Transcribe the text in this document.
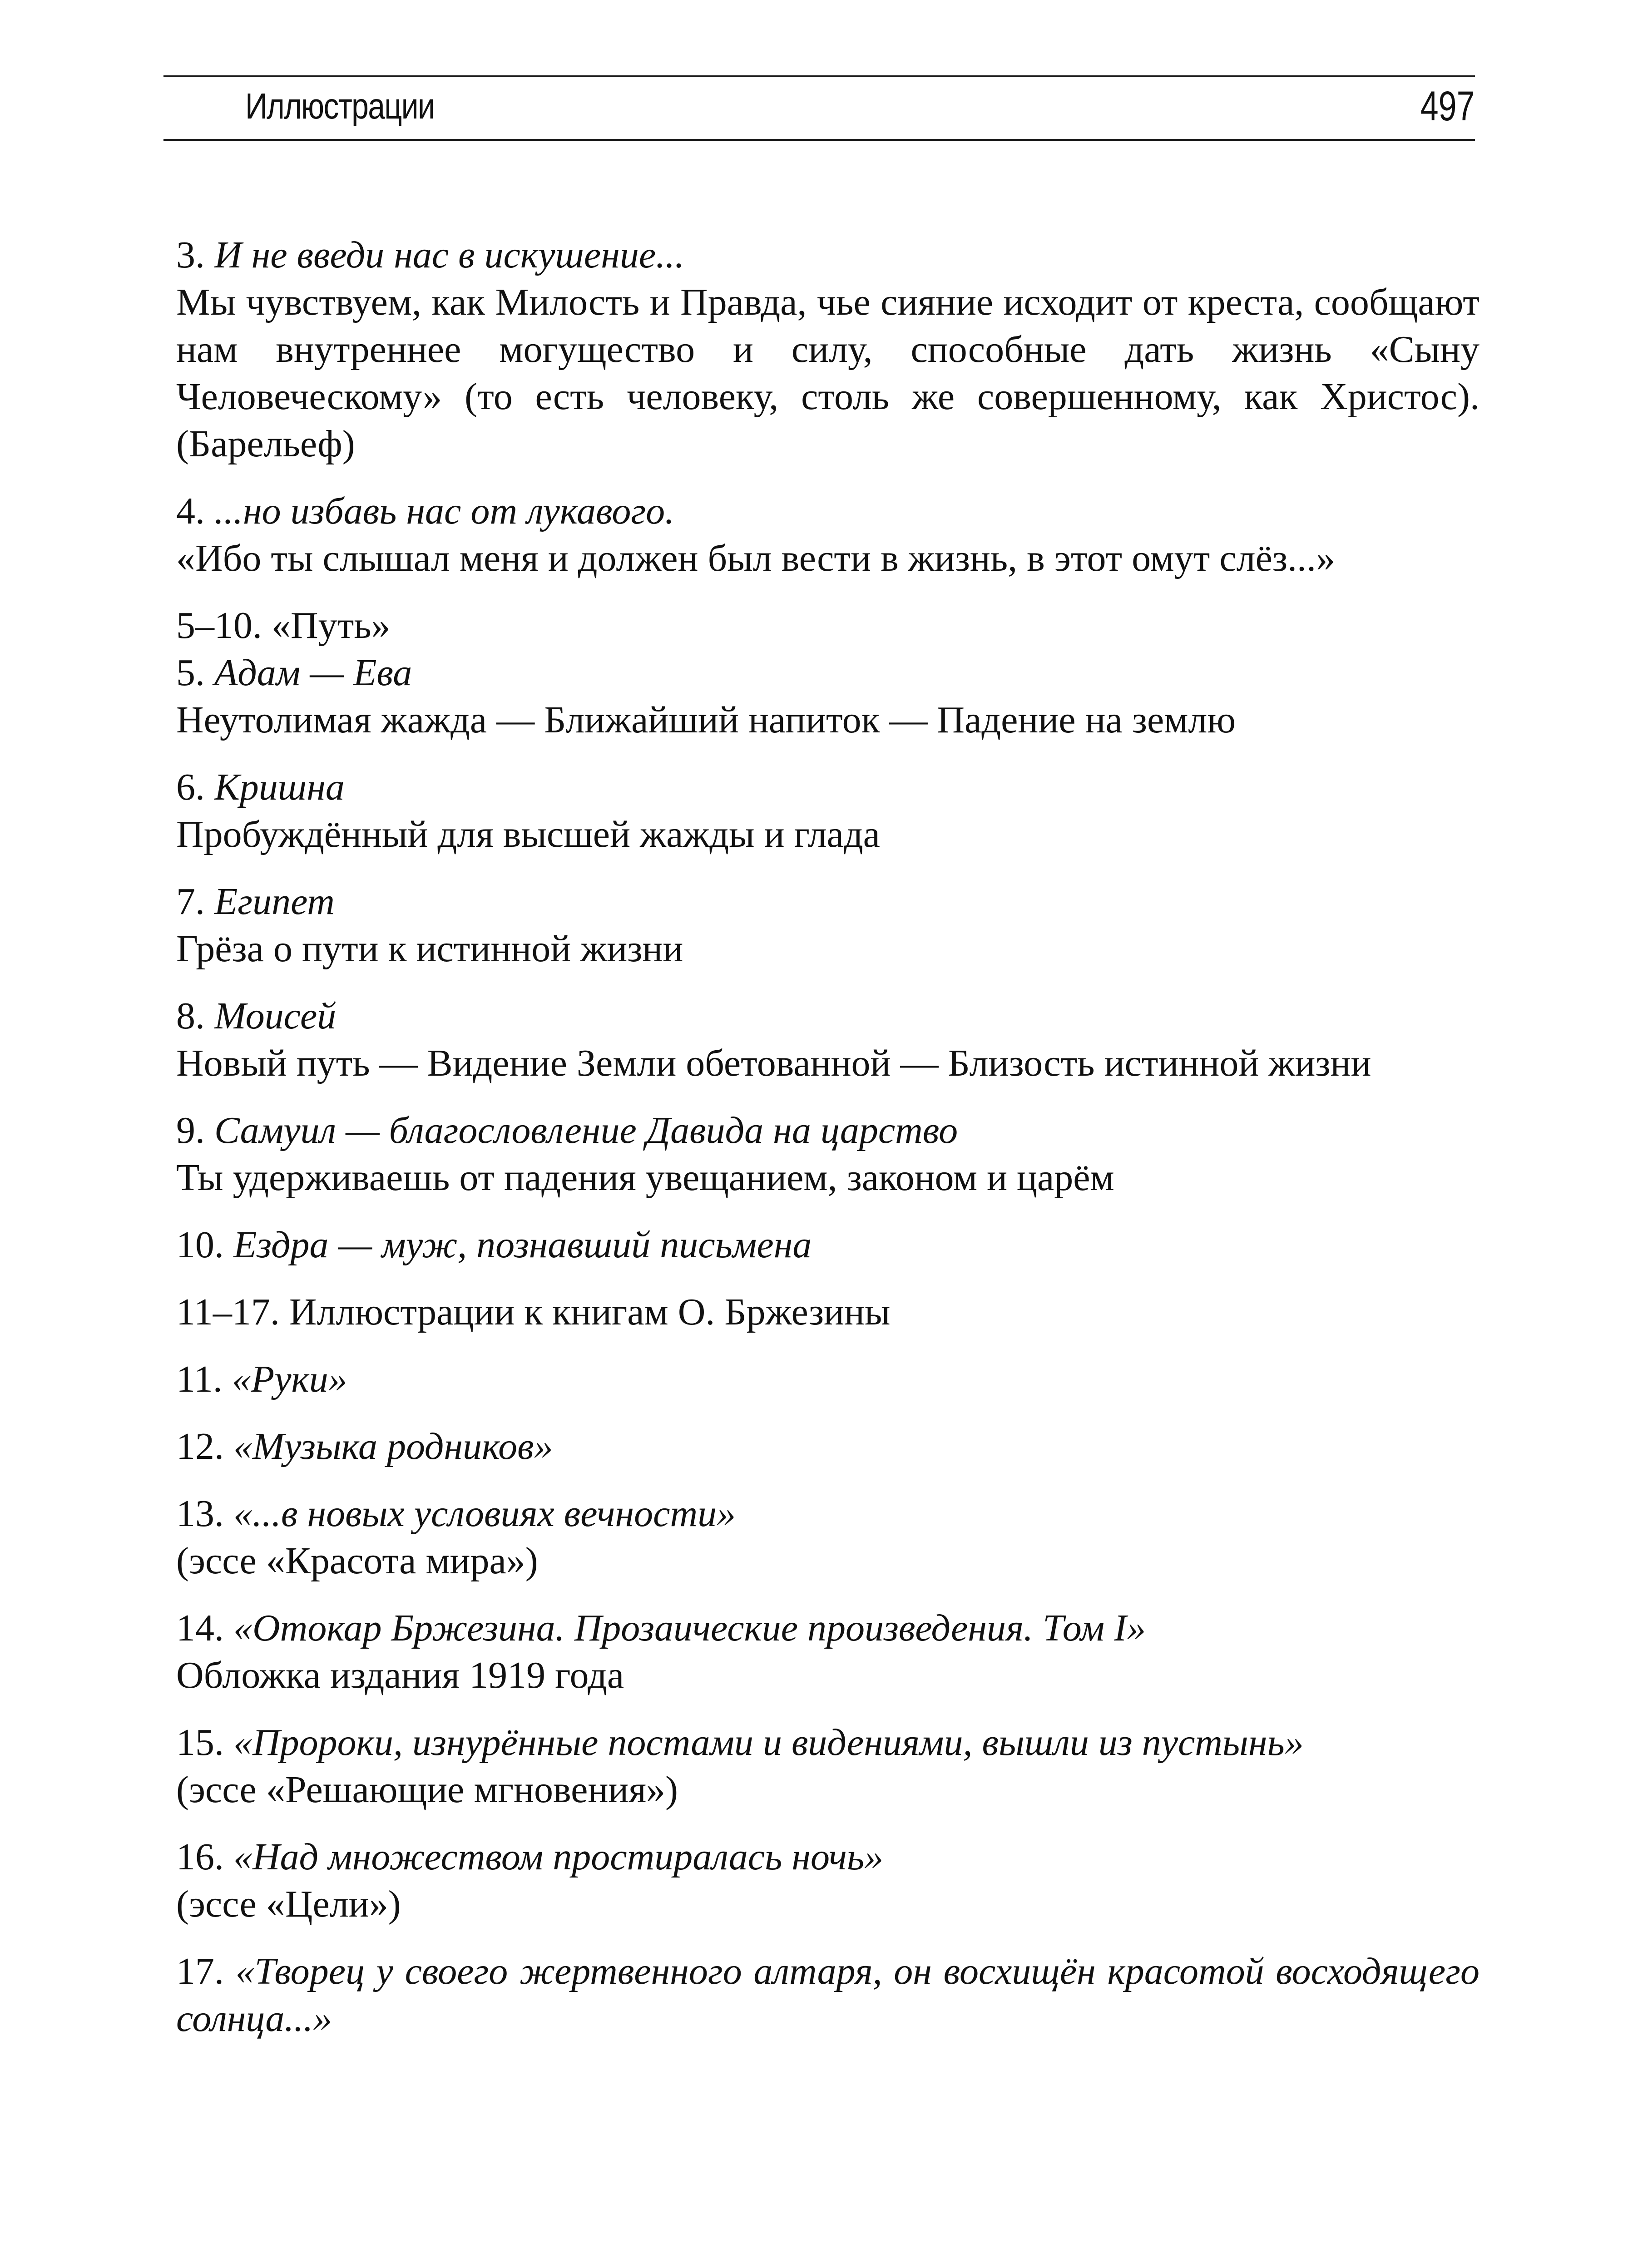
Иллюстрации	497
3. И не введи нас в искушение...
Мы чувствуем, как Милость и Правда, чье сияние исходит от креста, сообщают нам внутреннее могущество и силу, способные дать жизнь «Сыну Человеческому» (то есть человеку, столь же совершенному, как Христос). (Барельеф)
4. ...но избавь нас от лукавого.
«Ибо ты слышал меня и должен был вести в жизнь, в этот омут слёз...»
5–10. «Путь»
5. Адам — Ева
Неутолимая жажда — Ближайший напиток — Падение на землю
6. Кришна
Пробуждённый для высшей жажды и глада
7. Египет
Грёза о пути к истинной жизни
8. Моисей
Новый путь — Видение Земли обетованной — Близость истинной жизни
9. Самуил — благословление Давида на царство
Ты удерживаешь от падения увещанием, законом и царём
10. Ездра — муж, познавший письмена
11–17. Иллюстрации к книгам О. Бржезины
11. «Руки»
12. «Музыка родников»
13. «...в новых условиях вечности»
(эссе «Красота мира»)
14. «Отокар Бржезина. Прозаические произведения. Том I»
Обложка издания 1919 года
15. «Пророки, изнурённые постами и видениями, вышли из пустынь»
(эссе «Решающие мгновения»)
16. «Над множеством простиралась ночь»
(эссе «Цели»)
17. «Творец у своего жертвенного алтаря, он восхищён красотой восходящего солнца...»
